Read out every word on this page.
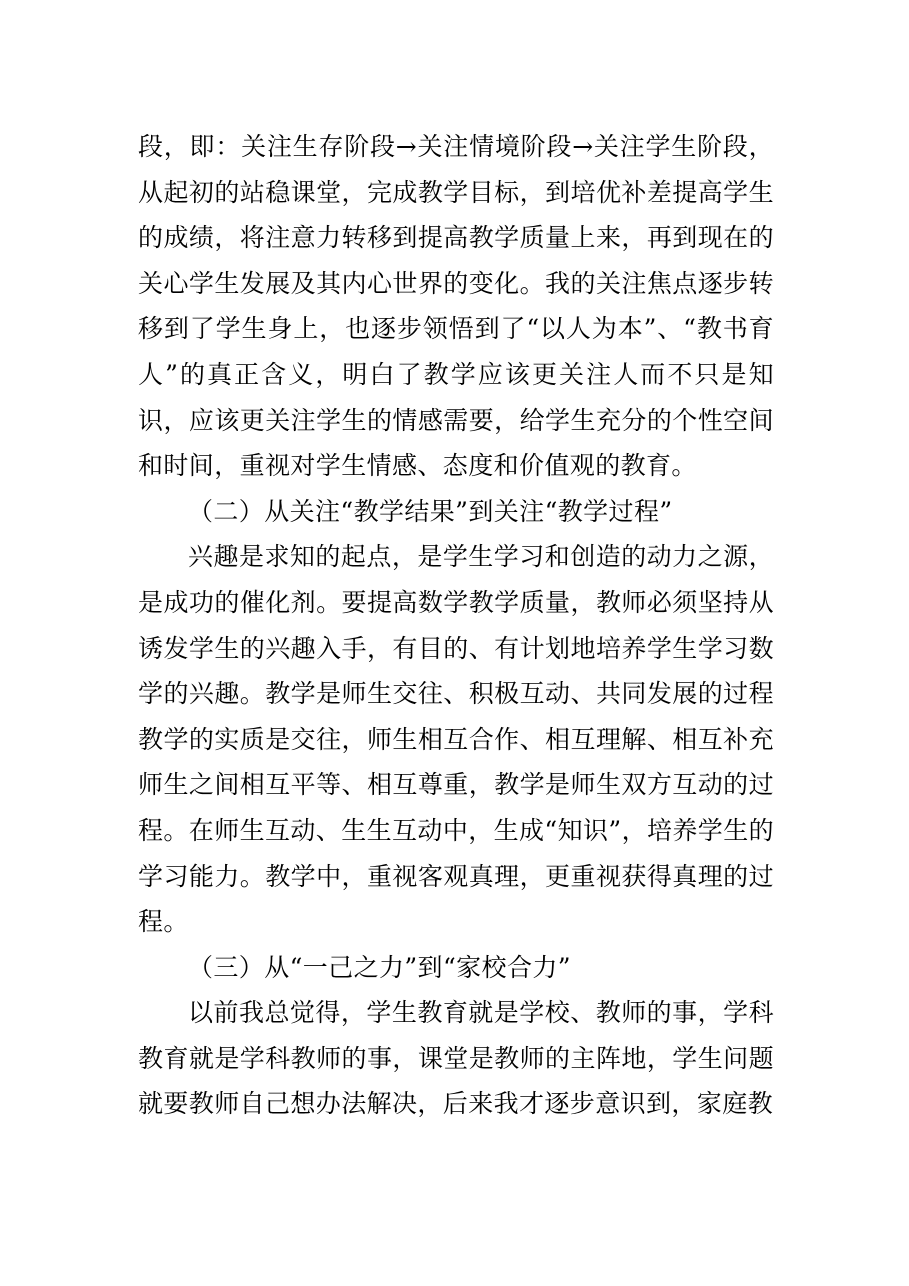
段，即：关注生存阶段→关注情境阶段→关注学生阶段，从起初的站稳课堂，完成教学目标，到培优补差提高学生的成绩，将注意力转移到提高教学质量上来，再到现在的关心学生发展及其内心世界的变化。我的关注焦点逐步转移到了学生身上，也逐步领悟到了“以人为本”、“教书育人”的真正含义，明白了教学应该更关注人而不只是知识，应该更关注学生的情感需要，给学生充分的个性空间和时间，重视对学生情感、态度和价值观的教育。

（二）从关注“教学结果”到关注“教学过程”

兴趣是求知的起点，是学生学习和创造的动力之源，是成功的催化剂。要提高数学教学质量，教师必须坚持从诱发学生的兴趣入手，有目的、有计划地培养学生学习数学的兴趣。教学是师生交往、积极互动、共同发展的过程教学的实质是交往，师生相互合作、相互理解、相互补充师生之间相互平等、相互尊重，教学是师生双方互动的过程。在师生互动、生生互动中，生成“知识”，培养学生的学习能力。教学中，重视客观真理，更重视获得真理的过程。

（三）从“一己之力”到“家校合力”

以前我总觉得，学生教育就是学校、教师的事，学科教育就是学科教师的事，课堂是教师的主阵地，学生问题就要教师自己想办法解决，后来我才逐步意识到，家庭教
